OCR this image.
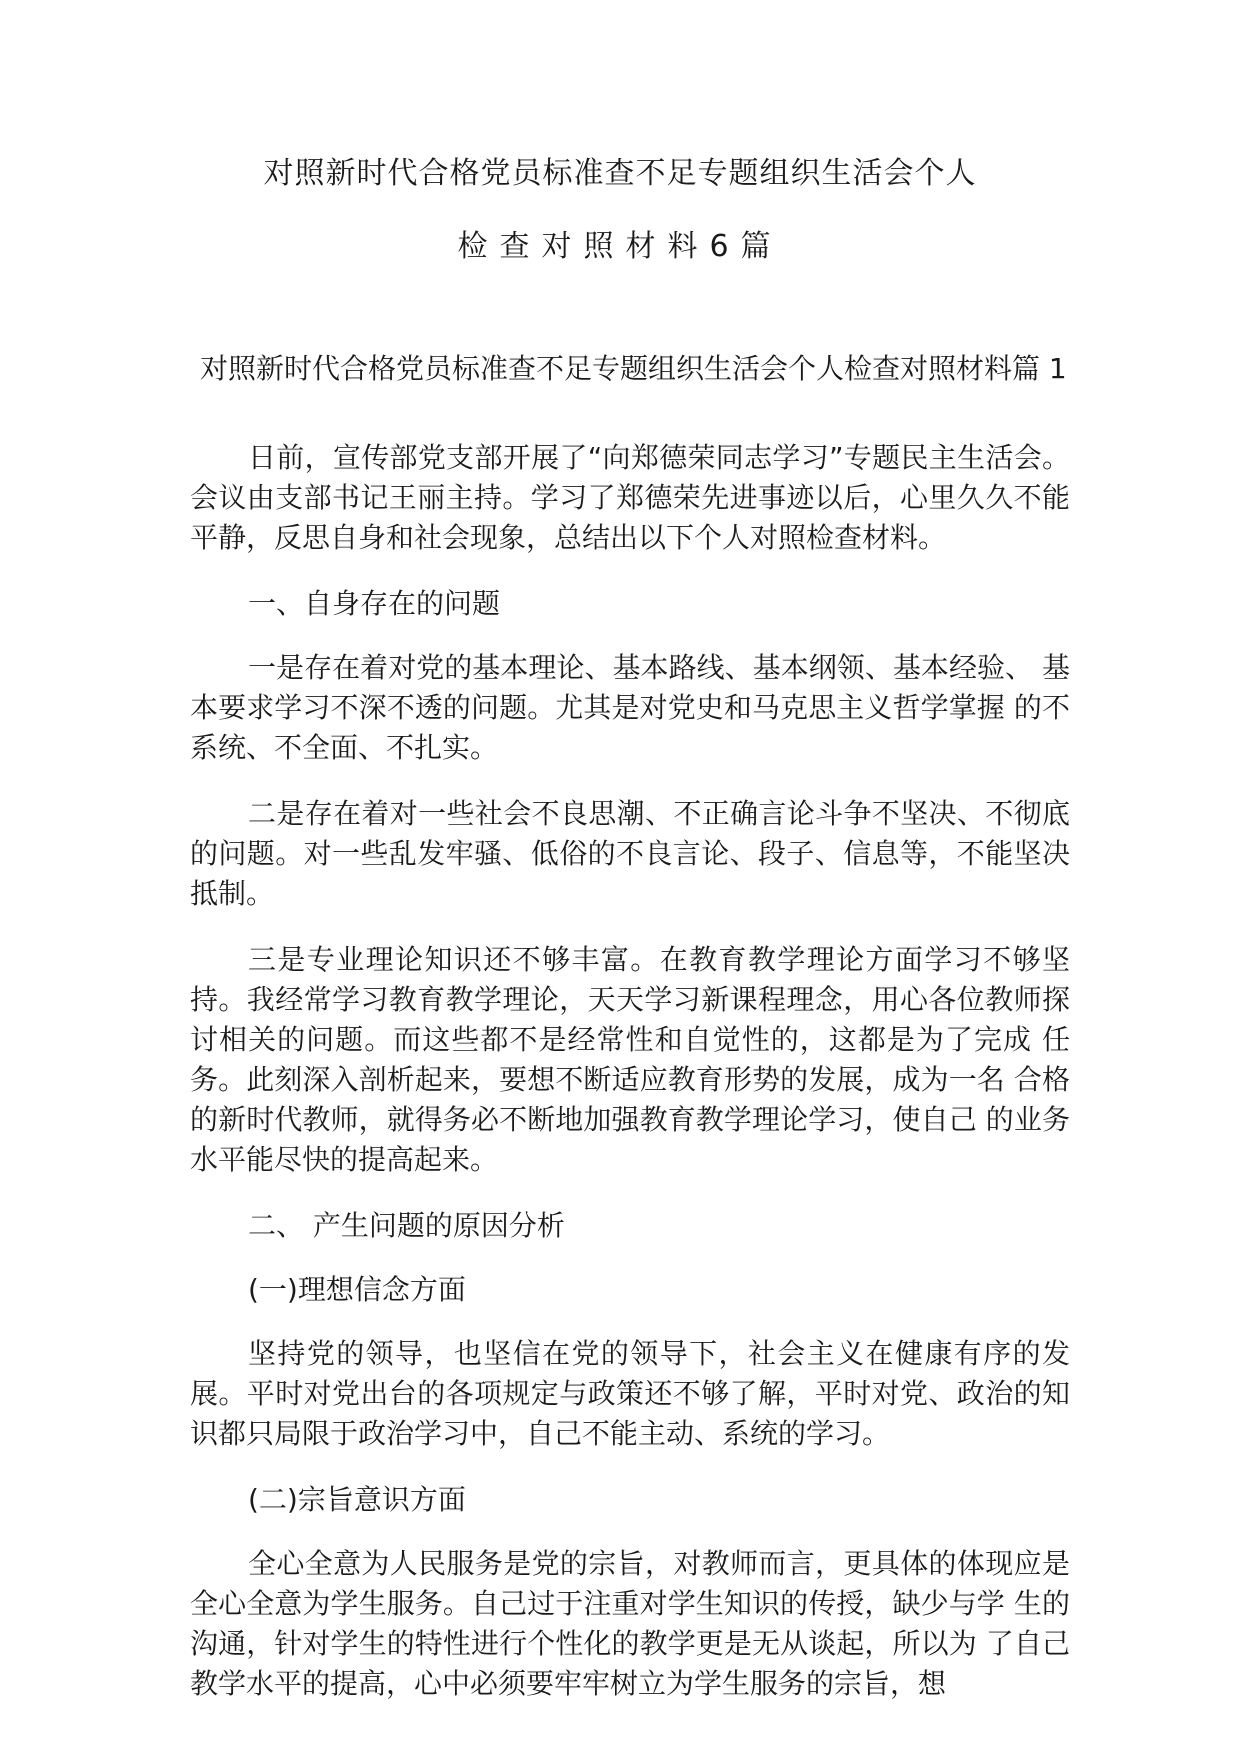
对照新时代合格党员标准查不足专题组织生活会个人
检查对照材料6篇
对照新时代合格党员标准查不足专题组织生活会个人检查对照材料篇 1

日前，宣传部党支部开展了“向郑德荣同志学习”专题民主生活会。会议由支部书记王丽主持。学习了郑德荣先进事迹以后，心里久久不能平静，反思自身和社会现象，总结出以下个人对照检查材料。

一、自身存在的问题

一是存在着对党的基本理论、基本路线、基本纲领、基本经验、 基本要求学习不深不透的问题。尤其是对党史和马克思主义哲学掌握 的不系统、不全面、不扎实。

二是存在着对一些社会不良思潮、不正确言论斗争不坚决、不彻底的问题。对一些乱发牢骚、低俗的不良言论、段子、信息等，不能坚决抵制。

三是专业理论知识还不够丰富。在教育教学理论方面学习不够坚持。我经常学习教育教学理论，天天学习新课程理念，用心各位教师探讨相关的问题。而这些都不是经常性和自觉性的，这都是为了完成 任务。此刻深入剖析起来，要想不断适应教育形势的发展，成为一名 合格的新时代教师，就得务必不断地加强教育教学理论学习，使自己 的业务水平能尽快的提高起来。

二、 产生问题的原因分析

(一)理想信念方面

坚持党的领导，也坚信在党的领导下，社会主义在健康有序的发展。平时对党出台的各项规定与政策还不够了解，平时对党、政治的知识都只局限于政治学习中，自己不能主动、系统的学习。

(二)宗旨意识方面

全心全意为人民服务是党的宗旨，对教师而言，更具体的体现应是全心全意为学生服务。自己过于注重对学生知识的传授，缺少与学 生的沟通，针对学生的特性进行个性化的教学更是无从谈起，所以为 了自己教学水平的提高，心中必须要牢牢树立为学生服务的宗旨，想
